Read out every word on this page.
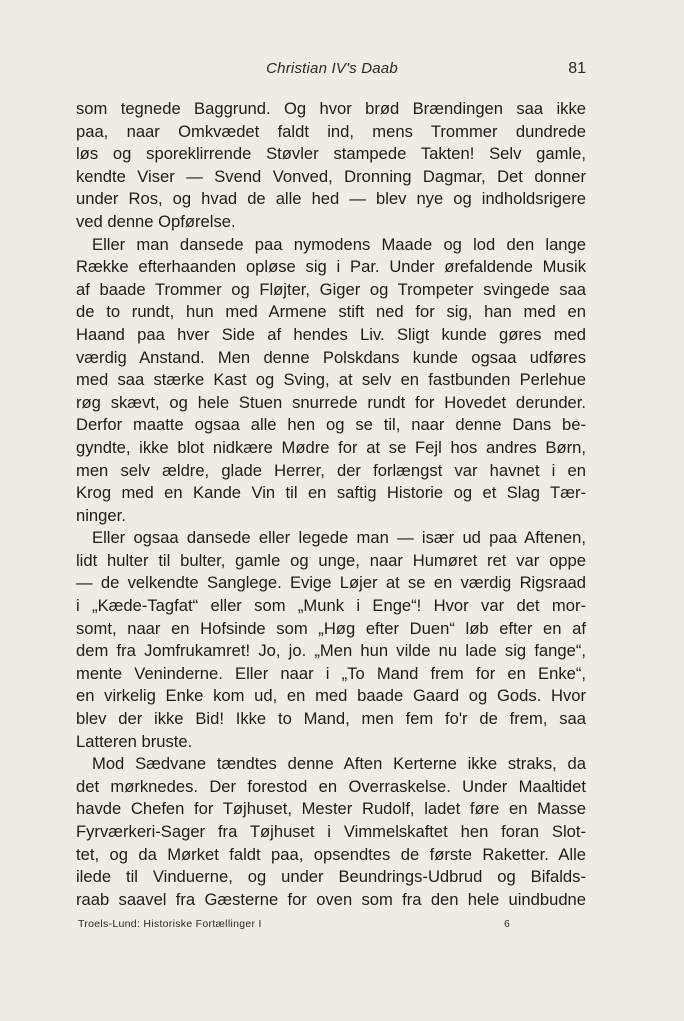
Christian IV's Daab	81
som tegnede Baggrund. Og hvor brød Brændingen saa ikke
paa, naar Omkvædet faldt ind, mens Trommer dundrede
løs og sporeklirrende Støvler stampede Takten! Selv gamle,
kendte Viser — Svend Vonved, Dronning Dagmar, Det donner
under Ros, og hvad de alle hed — blev nye og indholdsrigere
ved denne Opførelse.
Eller man dansede paa nymodens Maade og lod den lange
Række efterhaanden opløse sig i Par. Under ørefaldende Musik
af baade Trommer og Fløjter, Giger og Trompeter svingede saa
de to rundt, hun med Armene stift ned for sig, han med en
Haand paa hver Side af hendes Liv. Sligt kunde gøres med
værdig Anstand. Men denne Polskdans kunde ogsaa udføres
med saa stærke Kast og Sving, at selv en fastbunden Perlehue
røg skævt, og hele Stuen snurrede rundt for Hovedet derunder.
Derfor maatte ogsaa alle hen og se til, naar denne Dans be-
gyndte, ikke blot nidkære Mødre for at se Fejl hos andres Børn,
men selv ældre, glade Herrer, der forlængst var havnet i en
Krog med en Kande Vin til en saftig Historie og et Slag Tær-
ninger.
Eller ogsaa dansede eller legede man — især ud paa Aftenen,
lidt hulter til bulter, gamle og unge, naar Humøret ret var oppe
— de velkendte Sanglege. Evige Løjer at se en værdig Rigsraad
i „Kæde-Tagfat“ eller som „Munk i Enge“! Hvor var det mor-
somt, naar en Hofsinde som „Høg efter Duen“ løb efter en af
dem fra Jomfrukamret! Jo, jo. „Men hun vilde nu lade sig fange“,
mente Veninderne. Eller naar i „To Mand frem for en Enke“,
en virkelig Enke kom ud, en med baade Gaard og Gods. Hvor
blev der ikke Bid! Ikke to Mand, men fem fo'r de frem, saa
Latteren bruste.
Mod Sædvane tændtes denne Aften Kerterne ikke straks, da
det mørknedes. Der forestod en Overraskelse. Under Maaltidet
havde Chefen for Tøjhuset, Mester Rudolf, ladet føre en Masse
Fyrværkeri-Sager fra Tøjhuset i Vimmelskaftet hen foran Slot-
tet, og da Mørket faldt paa, opsendtes de første Raketter. Alle
ilede til Vinduerne, og under Beundrings-Udbrud og Bifalds-
raab saavel fra Gæsterne for oven som fra den hele uindbudne
Troels-Lund: Historiske Fortællinger I	6
